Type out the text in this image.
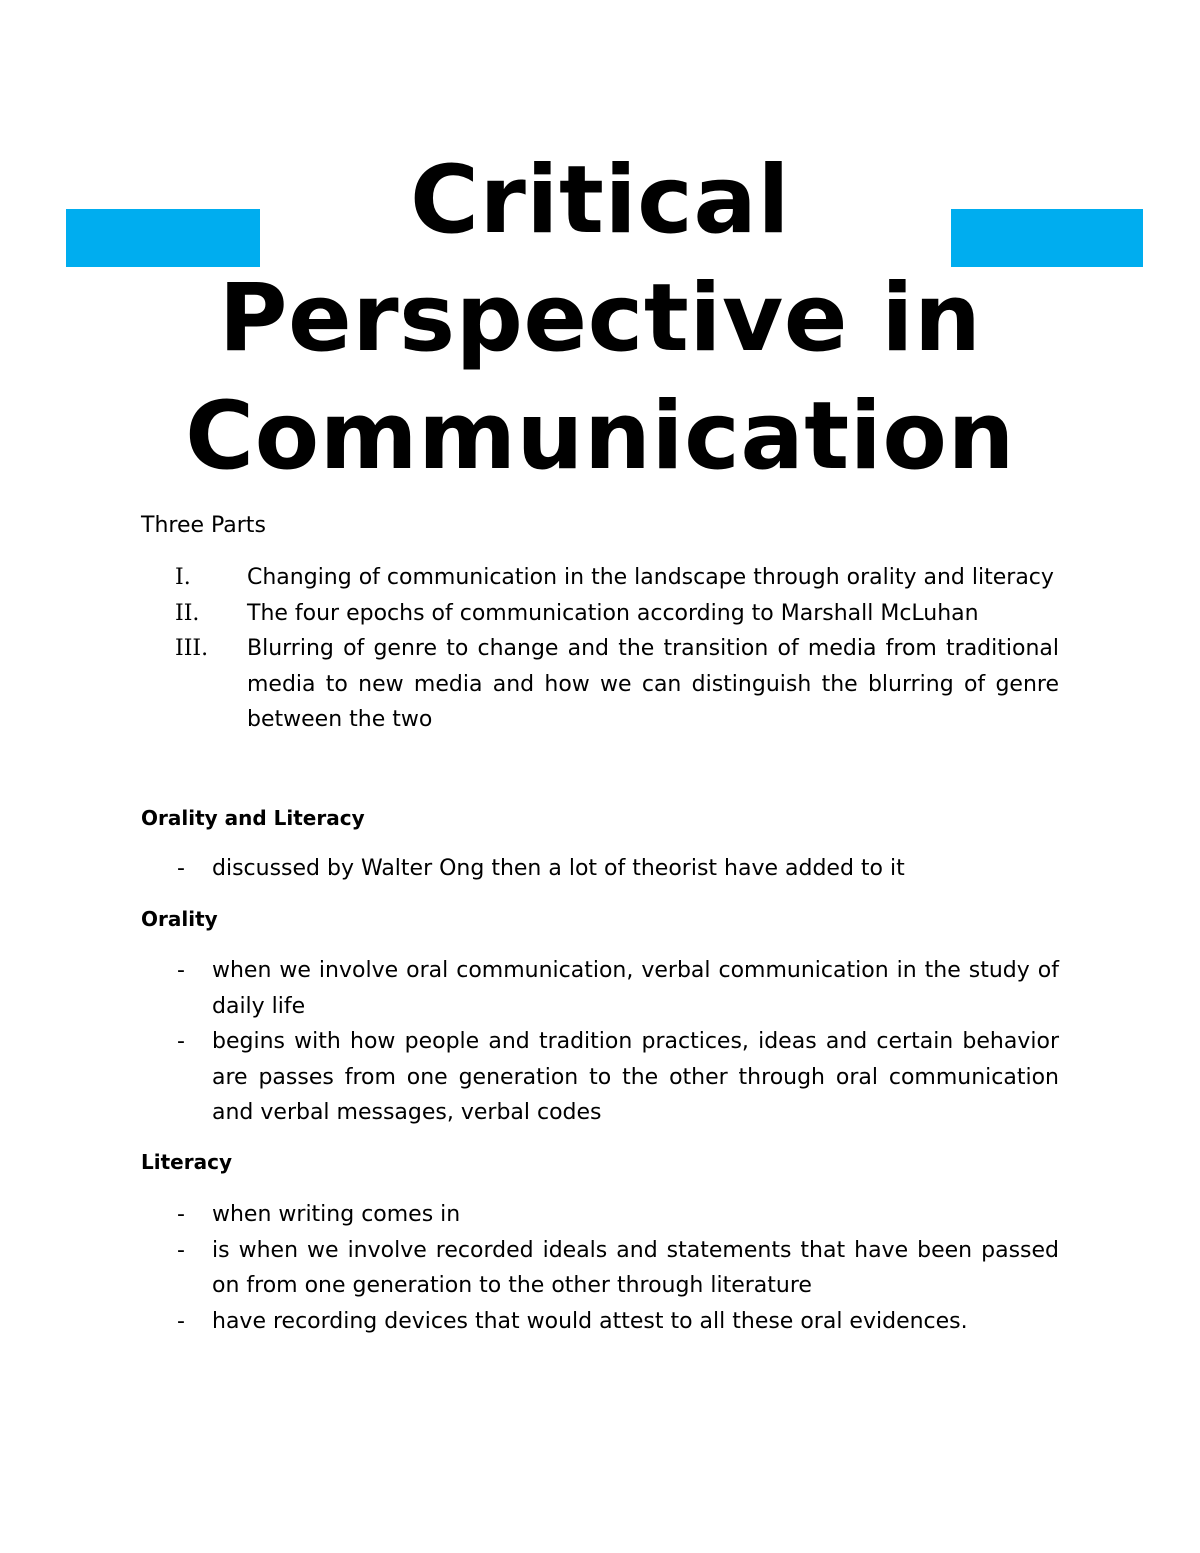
Critical
Perspective in
Communication

Three Parts

I.	Changing of communication in the landscape through orality and literacy
II. The four epochs of communication according to Marshall McLuhan
III. Blurring of genre to change and the transition of media from traditional media to new media and how we can distinguish the blurring of genre between the two
Orality and Literacy
- discussed by Walter Ong then a lot of theorist have added to it
Orality
- when we involve oral communication, verbal communication in the study of daily life
- begins with how people and tradition practices, ideas and certain behavior are passes from one generation to the other through oral communication and verbal messages, verbal codes
Literacy
- when writing comes in
- is when we involve recorded ideals and statements that have been passed on from one generation to the other through literature
- have recording devices that would attest to all these oral evidences.
